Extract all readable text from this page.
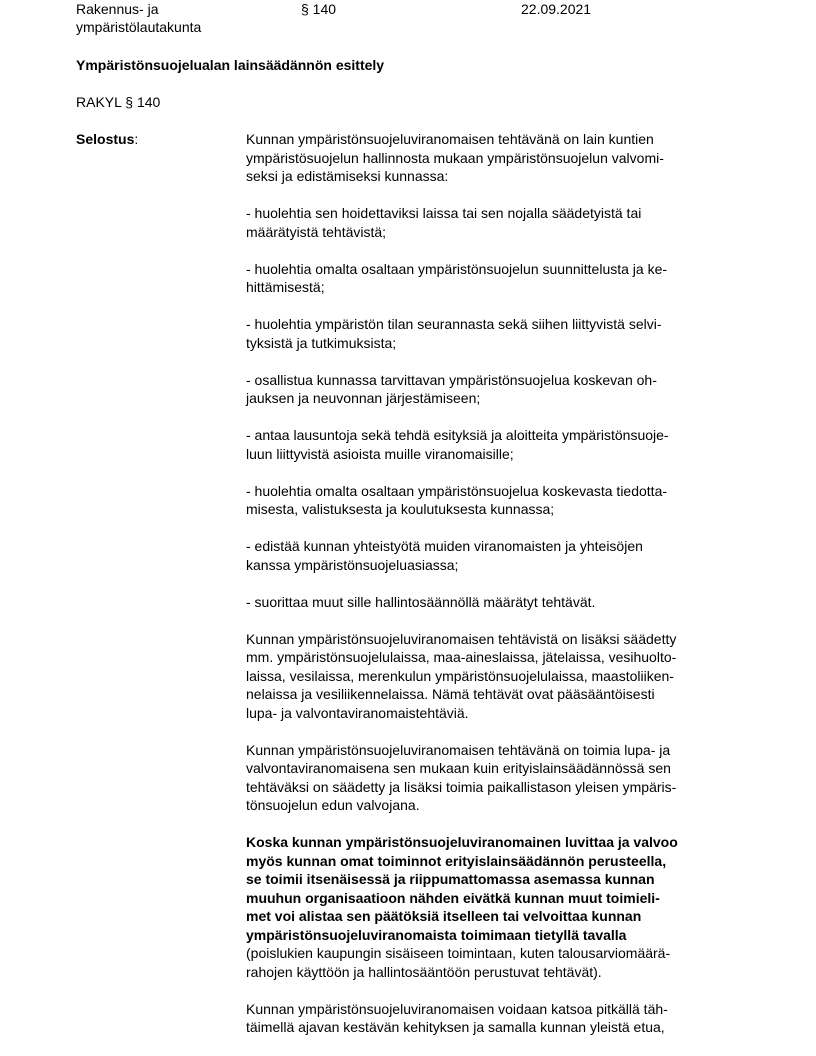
Rakennus- ja
ympäristölautakunta
§ 140	22.09.2021
Ympäristönsuojelualan lainsäädännön esittely
RAKYL § 140
Selostus:	Kunnan ympäristönsuojeluviranomaisen tehtävänä on lain kuntien
ympäristösuojelun hallinnosta mukaan ympäristönsuojelun valvomi-
seksi ja edistämiseksi kunnassa:

- huolehtia sen hoidettaviksi laissa tai sen nojalla säädetyistä tai
määrätyistä tehtävistä;

- huolehtia omalta osaltaan ympäristönsuojelun suunnittelusta ja ke-
hittämisestä;

- huolehtia ympäristön tilan seurannasta sekä siihen liittyvistä selvi-
tyksistä ja tutkimuksista;

- osallistua kunnassa tarvittavan ympäristönsuojelua koskevan oh-
jauksen ja neuvonnan järjestämiseen;

- antaa lausuntoja sekä tehdä esityksiä ja aloitteita ympäristönsuoje-
luun liittyvistä asioista muille viranomaisille;

- huolehtia omalta osaltaan ympäristönsuojelua koskevasta tiedotta-
misesta, valistuksesta ja koulutuksesta kunnassa;

- edistää kunnan yhteistyötä muiden viranomaisten ja yhteisöjen
kanssa ympäristönsuojeluasiassa;

- suorittaa muut sille hallintosäännöllä määrätyt tehtävät.

Kunnan ympäristönsuojeluviranomaisen tehtävistä on lisäksi säädetty
mm. ympäristönsuojelulaissa, maa-aineslaissa, jätelaissa, vesihuolto-
laissa, vesilaissa, merenkulun ympäristönsuojelulaissa, maastoliiken-
nelaissa ja vesiliikennelaissa. Nämä tehtävät ovat pääsääntöisesti
lupa- ja valvontaviranomaistehtäviä.

Kunnan ympäristönsuojeluviranomaisen tehtävänä on toimia lupa- ja
valvontaviranomaisena sen mukaan kuin erityislainsäädännössä sen
tehtäväksi on säädetty ja lisäksi toimia paikallistason yleisen ympäris-
tönsuojelun edun valvojana.

Koska kunnan ympäristönsuojeluviranomainen luvittaa ja valvoo
myös kunnan omat toiminnot erityislainsäädännön perusteella,
se toimii itsenäisessä ja riippumattomassa asemassa kunnan
muuhun organisaatioon nähden eivätkä kunnan muut toimieli-
met voi alistaa sen päätöksiä itselleen tai velvoittaa kunnan
ympäristönsuojeluviranomaista toimimaan tietyllä tavalla
(poislukien kaupungin sisäiseen toimintaan, kuten talousarviomäärä-
rahojen käyttöön ja hallintosääntöön perustuvat tehtävät).

Kunnan ympäristönsuojeluviranomaisen voidaan katsoa pitkällä täh-
täimellä ajavan kestävän kehityksen ja samalla kunnan yleistä etua,
